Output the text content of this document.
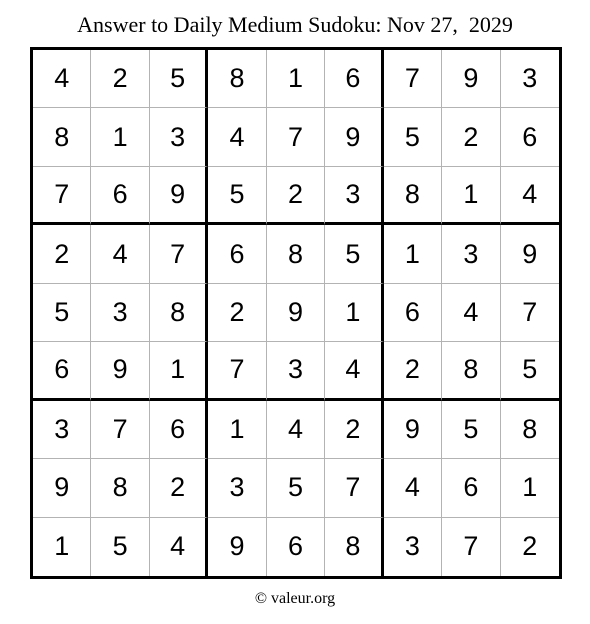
Answer to Daily Medium Sudoku: Nov 27,  2029
4	2	5	8	1	6	7	9	3
8	1	3	4	7	9	5	2	6
7	6	9	5	2	3	8	1	4
2	4	7	6	8	5	1	3	9
5	3	8	2	9	1	6	4	7
6	9	1	7	3	4	2	8	5
3	7	6	1	4	2	9	5	8
9	8	2	3	5	7	4	6	1
1	5	4	9	6	8	3	7	2
© valeur.org
